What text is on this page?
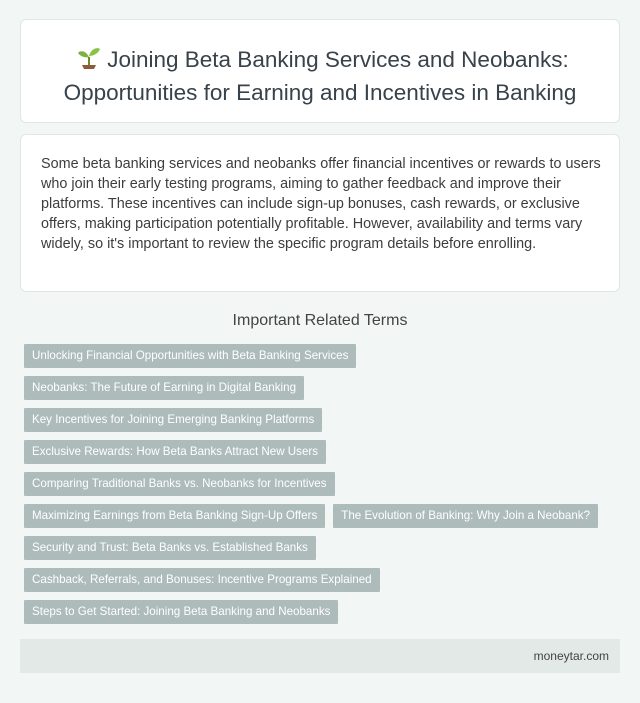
Joining Beta Banking Services and Neobanks:
Opportunities for Earning and Incentives in Banking

Some beta banking services and neobanks offer financial incentives or rewards to users who join their early testing programs, aiming to gather feedback and improve their platforms. These incentives can include sign-up bonuses, cash rewards, or exclusive offers, making participation potentially profitable. However, availability and terms vary widely, so it's important to review the specific program details before enrolling.

Important Related Terms
Unlocking Financial Opportunities with Beta Banking Services
Neobanks: The Future of Earning in Digital Banking
Key Incentives for Joining Emerging Banking Platforms
Exclusive Rewards: How Beta Banks Attract New Users
Comparing Traditional Banks vs. Neobanks for Incentives
Maximizing Earnings from Beta Banking Sign-Up Offers	The Evolution of Banking: Why Join a Neobank?
Security and Trust: Beta Banks vs. Established Banks
Cashback, Referrals, and Bonuses: Incentive Programs Explained
Steps to Get Started: Joining Beta Banking and Neobanks
moneytar.com
